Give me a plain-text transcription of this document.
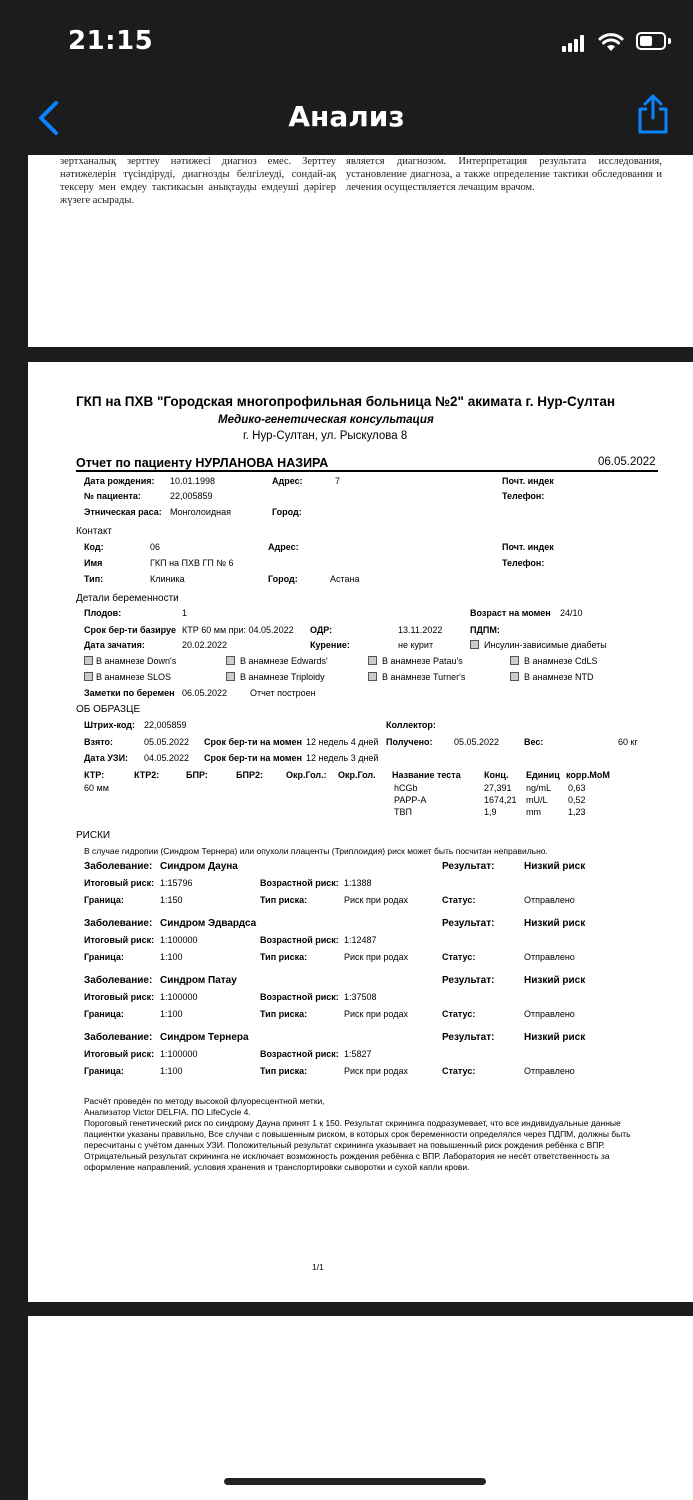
21:15
Анализ
зертханалық зерттеу нәтижесі диагноз емес. Зерттеу нәтижелерін түсіндіруді, диагнозды белгілеуді, сондай-ақ тексеру мен емдеу тактикасын анықтауды емдеуші дәрігер жүзеге асырады.
является диагнозом. Интерпретация результата исследования, установление диагноза, а также определение тактики обследования и лечения осуществляется лечащим врачом.
ГКП на ПХВ "Городская многопрофильная больница №2" акимата г. Нур-Султан
Медико-генетическая консультация
г. Нур-Султан, ул. Рыскулова 8
Отчет по пациенту НУРЛАНОВА НАЗИРА	06.05.2022
Дата рождения: 10.01.1998	Адрес:	7	Почт. индек
№ пациента:	22,005859	Телефон:
Этническая раса: Монголоидная	Город:
Контакт
Код:	06	Адрес:	Почт. индек
Имя	ГКП на ПХВ ГП № 6	Телефон:
Тип:	Клиника	Город:	Астана
Детали беременности
Плодов:	1	Возраст на момен 24/10
Срок бер-ти базируе КТР 60 мм при: 04.05.2022 ОДР:	13.11.2022	ПДПМ:
Дата зачатия:	20.02.2022	Курение:	не курит	Инсулин-зависимые диабеты
В анамнезе Down's	В анамнезе Edwards'	В анамнезе Patau's	В анамнезе CdLS
В анамнезе SLOS	В анамнезе Triploidy	В анамнезе Turner's	В анамнезе NTD
Заметки по беремен 06.05.2022	Отчет построен
ОБ ОБРАЗЦЕ
Штрих-код: 22,005859	Коллектор:
Взято:	05.05.2022 Срок бер-ти на момен 12 недель 4 дней Получено: 05.05.2022	Вес:	60 кг
Дата УЗИ: 04.05.2022 Срок бер-ти на момен 12 недель 3 дней
КТР:	КТР2:	БПР:	БПР2:	Окр.Гол.: Окр.Гол.
60 мм
Название теста	Конц. Единиц корр.МоМ
hCGb	27,391 ng/mL 0,63
PAPP-A	1674,21 mU/L 0,52
ТВП	1,9	mm	1,23
РИСКИ
В случае гидропии (Синдром Тернера) или опухоли плаценты (Триплоидия) риск может быть посчитан неправильно.
Заболевание: Синдром Дауна	Результат:	Низкий риск
Итоговый риск: 1:15796	Возрастной риск: 1:1388
Граница:	1:150	Тип риска:	Риск при родах	Статус:	Отправлено
Заболевание: Синдром Эдвардса	Результат:	Низкий риск
Итоговый риск: 1:100000	Возрастной риск: 1:12487
Граница:	1:100	Тип риска:	Риск при родах	Статус:	Отправлено
Заболевание: Синдром Патау	Результат:	Низкий риск
Итоговый риск: 1:100000	Возрастной риск: 1:37508
Граница:	1:100	Тип риска:	Риск при родах	Статус:	Отправлено
Заболевание: Синдром Тернера	Результат:	Низкий риск
Итоговый риск: 1:100000	Возрастной риск: 1:5827
Граница:	1:100	Тип риска:	Риск при родах	Статус:	Отправлено
Расчёт проведён по методу высокой флуоресцентной метки,
Анализатор Victor DELFIA. ПО LifeCycle 4.
Пороговый генетический риск по синдрому Дауна принят 1 к 150. Результат скрининга подразумевает, что все индивидуальные данные пациентки указаны правильно, Все случаи с повышенным риском, в которых срок беременности определялся через ПДПМ, должны быть пересчитаны с учётом данных УЗИ. Положительный результат скрининга указывает на повышенный риск рождения ребёнка с ВПР. Отрицательный результат скрининга не исключает возможность рождения ребёнка с ВПР. Лаборатория не несёт ответственность за оформление направлений, условия хранения и транспортировки сыворотки и сухой капли крови.
1/1
